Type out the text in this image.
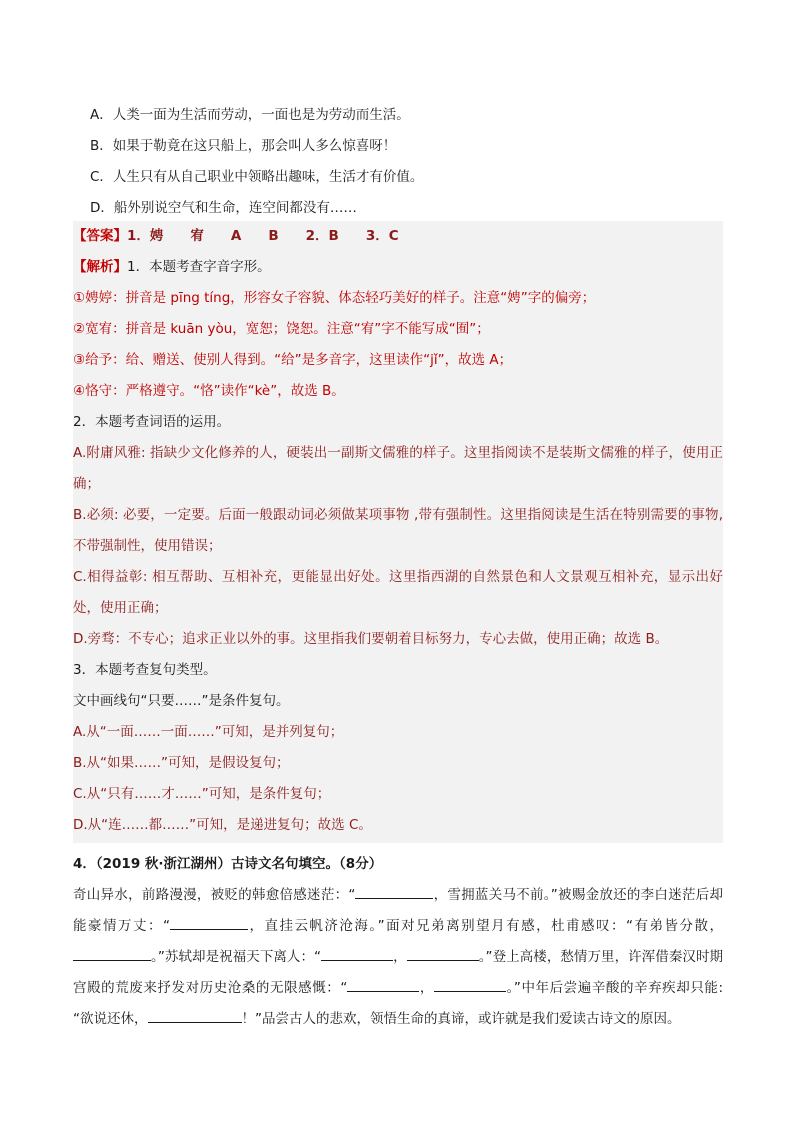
A．人类一面为生活而劳动，一面也是为劳动而生活。
B．如果于勒竟在这只船上，那会叫人多么惊喜呀！
C．人生只有从自己职业中领略出趣味，生活才有价值。
D．船外别说空气和生命，连空间都没有……
【答案】1．娉　　宥　　A　　B　　2．B　　3．C
【解析】1．本题考查字音字形。
①娉婷：拼音是 pīng tíng，形容女子容貌、体态轻巧美好的样子。注意“娉”字的偏旁；
②宽宥：拼音是 kuān yòu，宽恕；饶恕。注意“宥”字不能写成“囿”；
③给予：给、赠送、使别人得到。“给”是多音字，这里读作“jǐ”，故选 A；
④恪守：严格遵守。“恪”读作“kè”，故选 B。
2．本题考查词语的运用。
A.附庸风雅: 指缺少文化修养的人，硬装出一副斯文儒雅的样子。这里指阅读不是装斯文儒雅的样子，使用正确；
B.必须: 必要，一定要。后面一般跟动词必须做某项事物 ,带有强制性。这里指阅读是生活在特别需要的事物,不带强制性，使用错误；
C.相得益彰: 相互帮助、互相补充，更能显出好处。这里指西湖的自然景色和人文景观互相补充，显示出好处，使用正确；
D.旁骛：不专心；追求正业以外的事。这里指我们要朝着目标努力，专心去做，使用正确；故选 B。
3．本题考查复句类型。
文中画线句“只要……”是条件复句。
A.从“一面……一面……”可知，是并列复句；
B.从“如果……”可知，是假设复句；
C.从“只有……才……”可知，是条件复句；
D.从“连……都……”可知，是递进复句；故选 C。
4．（2019 秋·浙江湖州）古诗文名句填空。（8分）
奇山异水，前路漫漫，被贬的韩愈倍感迷茫：“	，雪拥蓝关马不前。”被赐金放还的李白迷茫后却能豪情万丈：“	，直挂云帆济沧海。”面对兄弟离别望月有感，杜甫感叹：“有弟皆分散，。”苏轼却是祝福天下离人：“	，	。”登上高楼，愁情万里，许浑借秦汉时期宫殿的荒废来抒发对历史沧桑的无限感慨：“	，	。”中年后尝遍辛酸的辛弃疾却只能: “欲说还休，	！”品尝古人的悲欢，领悟生命的真谛，或许就是我们爱读古诗文的原因。
